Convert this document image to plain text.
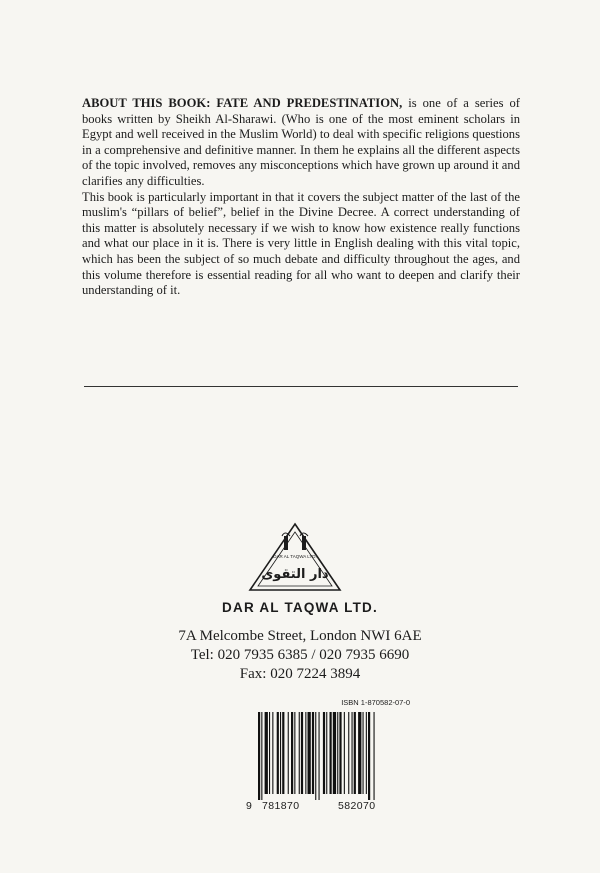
ABOUT THIS BOOK: FATE AND PREDESTINATION, is one of a series of books written by Sheikh Al-Sharawi. (Who is one of the most eminent scholars in Egypt and well received in the Muslim World) to deal with specific religions questions in a comprehensive and definitive manner. In them he explains all the different aspects of the topic involved, removes any misconceptions which have grown up around it and clarifies any difficulties.

This book is particularly important in that it covers the subject matter of the last of the muslim's “pillars of belief”, belief in the Divine Decree. A correct understanding of this matter is absolutely necessary if we wish to know how existence really functions and what our place in it is. There is very little in English dealing with this vital topic, which has been the subject of so much debate and difficulty throughout the ages, and this volume therefore is essential reading for all who want to deepen and clarify their understanding of it.

DAR AL TAQWA LTD.
دار التقوى
DAR AL TAQWA LTD.
7A Melcombe Street, London NWI 6AE
Tel: 020 7935 6385 / 020 7935 6690
Fax: 020 7224 3894
ISBN 1-870582-07-0
9 781870	582070
